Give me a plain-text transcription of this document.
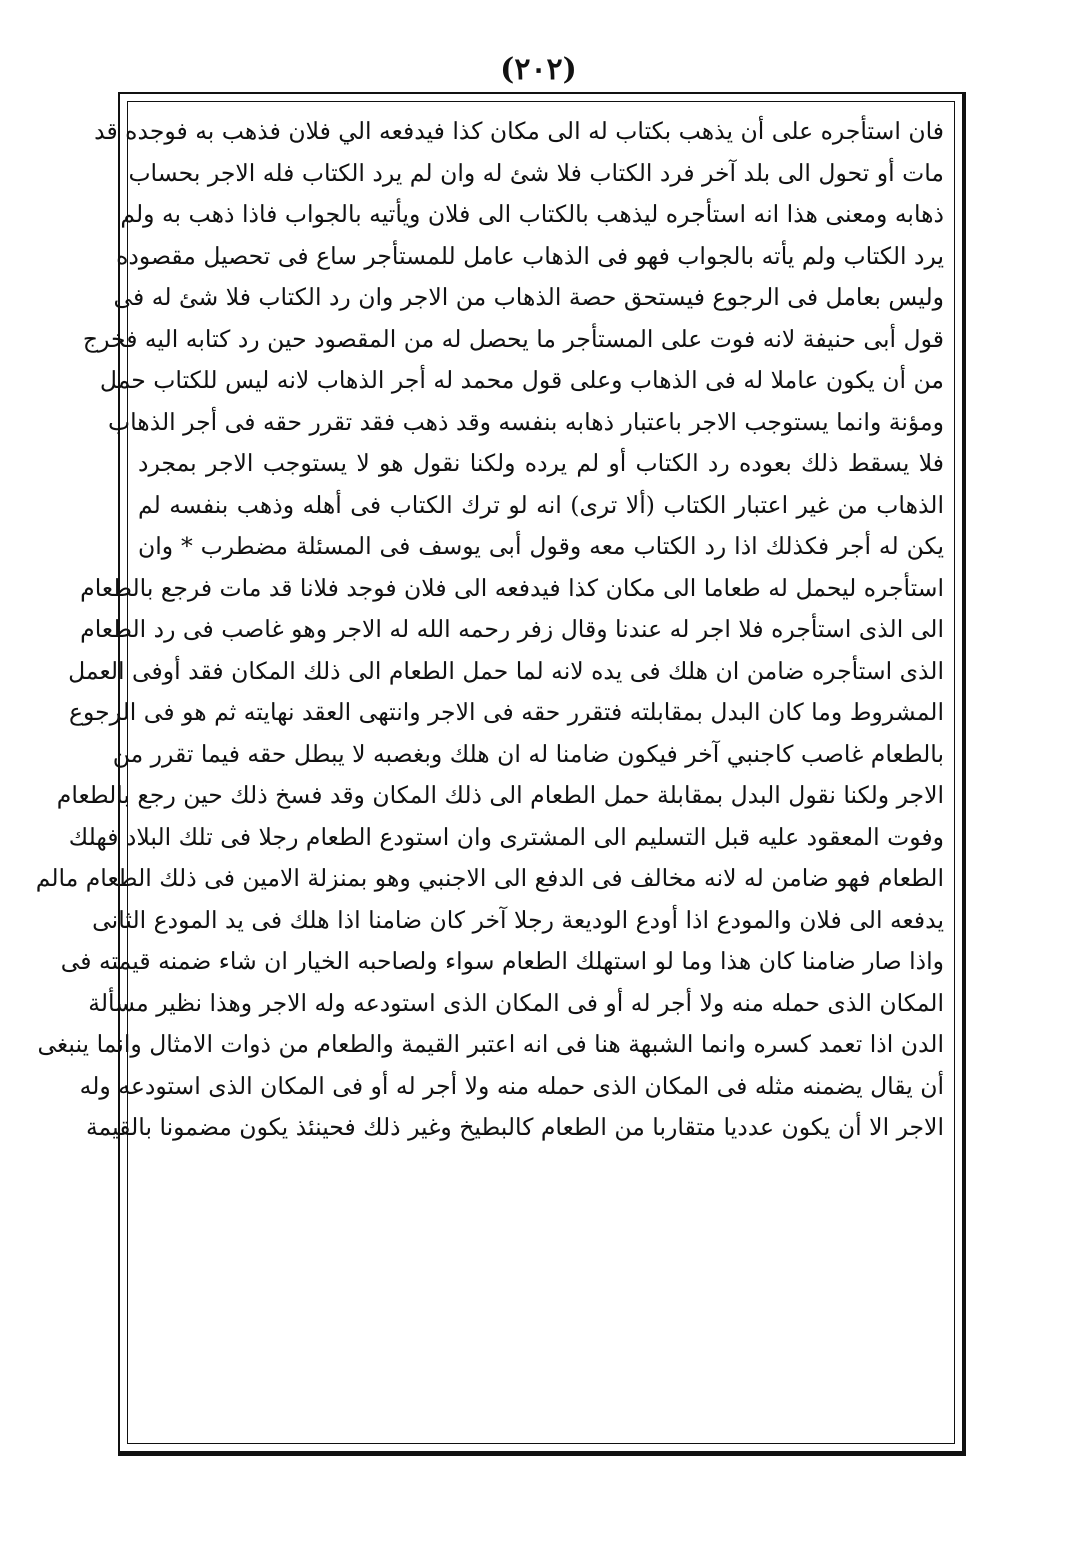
(٢٠٢)
فان استأجره على أن يذهب بكتاب له الى مكان كذا فيدفعه الي فلان فذهب به فوجده قد
مات أو تحول الى بلد آخر فرد الكتاب فلا شئ له وان لم يرد الكتاب فله الاجر بحساب
ذهابه ومعنى هذا انه استأجره ليذهب بالكتاب الى فلان ويأتيه بالجواب فاذا ذهب به ولم
يرد الكتاب ولم يأته بالجواب فهو فى الذهاب عامل للمستأجر ساع فى تحصيل مقصوده
وليس بعامل فى الرجوع فيستحق حصة الذهاب من الاجر وان رد الكتاب فلا شئ له فى
قول أبى حنيفة لانه فوت على المستأجر ما يحصل له من المقصود حين رد كتابه اليه فخرج
من أن يكون عاملا له فى الذهاب وعلى قول محمد له أجر الذهاب لانه ليس للكتاب حمل
ومؤنة وانما يستوجب الاجر باعتبار ذهابه بنفسه وقد ذهب فقد تقرر حقه فى أجر الذهاب
فلا يسقط ذلك بعوده رد الكتاب أو لم يرده ولكنا نقول هو لا يستوجب الاجر بمجرد
الذهاب من غير اعتبار الكتاب (ألا ترى) انه لو ترك الكتاب فى أهله وذهب بنفسه لم
يكن له أجر فكذلك اذا رد الكتاب معه وقول أبى يوسف فى المسئلة مضطرب * وان
استأجره ليحمل له طعاما الى مكان كذا فيدفعه الى فلان فوجد فلانا قد مات فرجع بالطعام
الى الذى استأجره فلا اجر له عندنا وقال زفر رحمه الله له الاجر وهو غاصب فى رد الطعام
الذى استأجره ضامن ان هلك فى يده لانه لما حمل الطعام الى ذلك المكان فقد أوفى العمل
المشروط وما كان البدل بمقابلته فتقرر حقه فى الاجر وانتهى العقد نهايته ثم هو فى الرجوع
بالطعام غاصب كاجنبي آخر فيكون ضامنا له ان هلك وبغصبه لا يبطل حقه فيما تقرر من
الاجر ولكنا نقول البدل بمقابلة حمل الطعام الى ذلك المكان وقد فسخ ذلك حين رجع بالطعام
وفوت المعقود عليه قبل التسليم الى المشترى وان استودع الطعام رجلا فى تلك البلاد فهلك
الطعام فهو ضامن له لانه مخالف فى الدفع الى الاجنبي وهو بمنزلة الامين فى ذلك الطعام مالم
يدفعه الى فلان والمودع اذا أودع الوديعة رجلا آخر كان ضامنا اذا هلك فى يد المودع الثانى
واذا صار ضامنا كان هذا وما لو استهلك الطعام سواء ولصاحبه الخيار ان شاء ضمنه قيمته فى
المكان الذى حمله منه ولا أجر له أو فى المكان الذى استودعه وله الاجر وهذا نظير مسألة
الدن اذا تعمد كسره وانما الشبهة هنا فى انه اعتبر القيمة والطعام من ذوات الامثال وانما ينبغى
أن يقال يضمنه مثله فى المكان الذى حمله منه ولا أجر له أو فى المكان الذى استودعه وله
الاجر الا أن يكون عدديا متقاربا من الطعام كالبطيخ وغير ذلك فحينئذ يكون مضمونا بالقيمة
